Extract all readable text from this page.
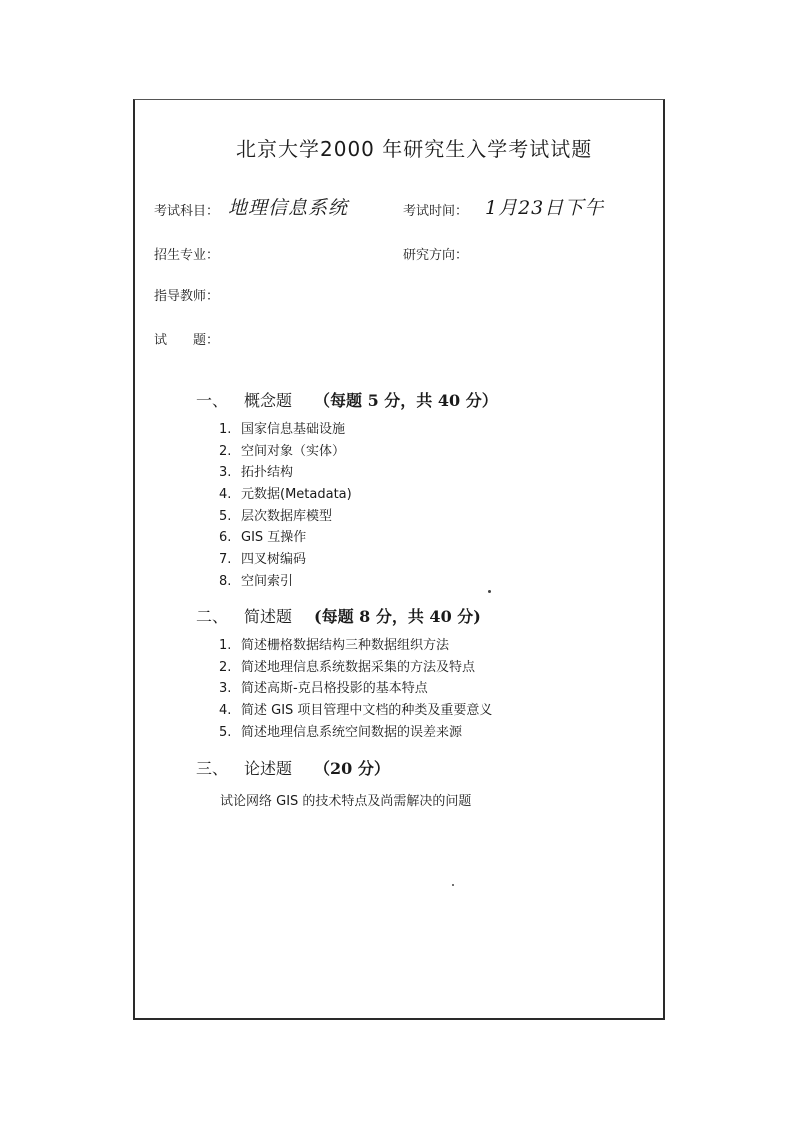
北京大学2000 年研究生入学考试试题
考试科目： 地理信息系统	考试时间： 1月23日下午
招生专业：	研究方向：
指导教师：
试　　题：
一、 概念题 （每题 5 分，共 40 分）
1. 国家信息基础设施
2. 空间对象（实体）
3. 拓扑结构
4. 元数据(Metadata)
5. 层次数据库模型
6. GIS 互操作
7. 四叉树编码
8. 空间索引
二、 简述题 (每题 8 分，共 40 分)
1. 简述栅格数据结构三种数据组织方法
2. 简述地理信息系统数据采集的方法及特点
3. 简述高斯-克吕格投影的基本特点
4. 简述 GIS 项目管理中文档的种类及重要意义
5. 简述地理信息系统空间数据的误差来源
三、 论述题 （20 分）
试论网络 GIS 的技术特点及尚需解决的问题
